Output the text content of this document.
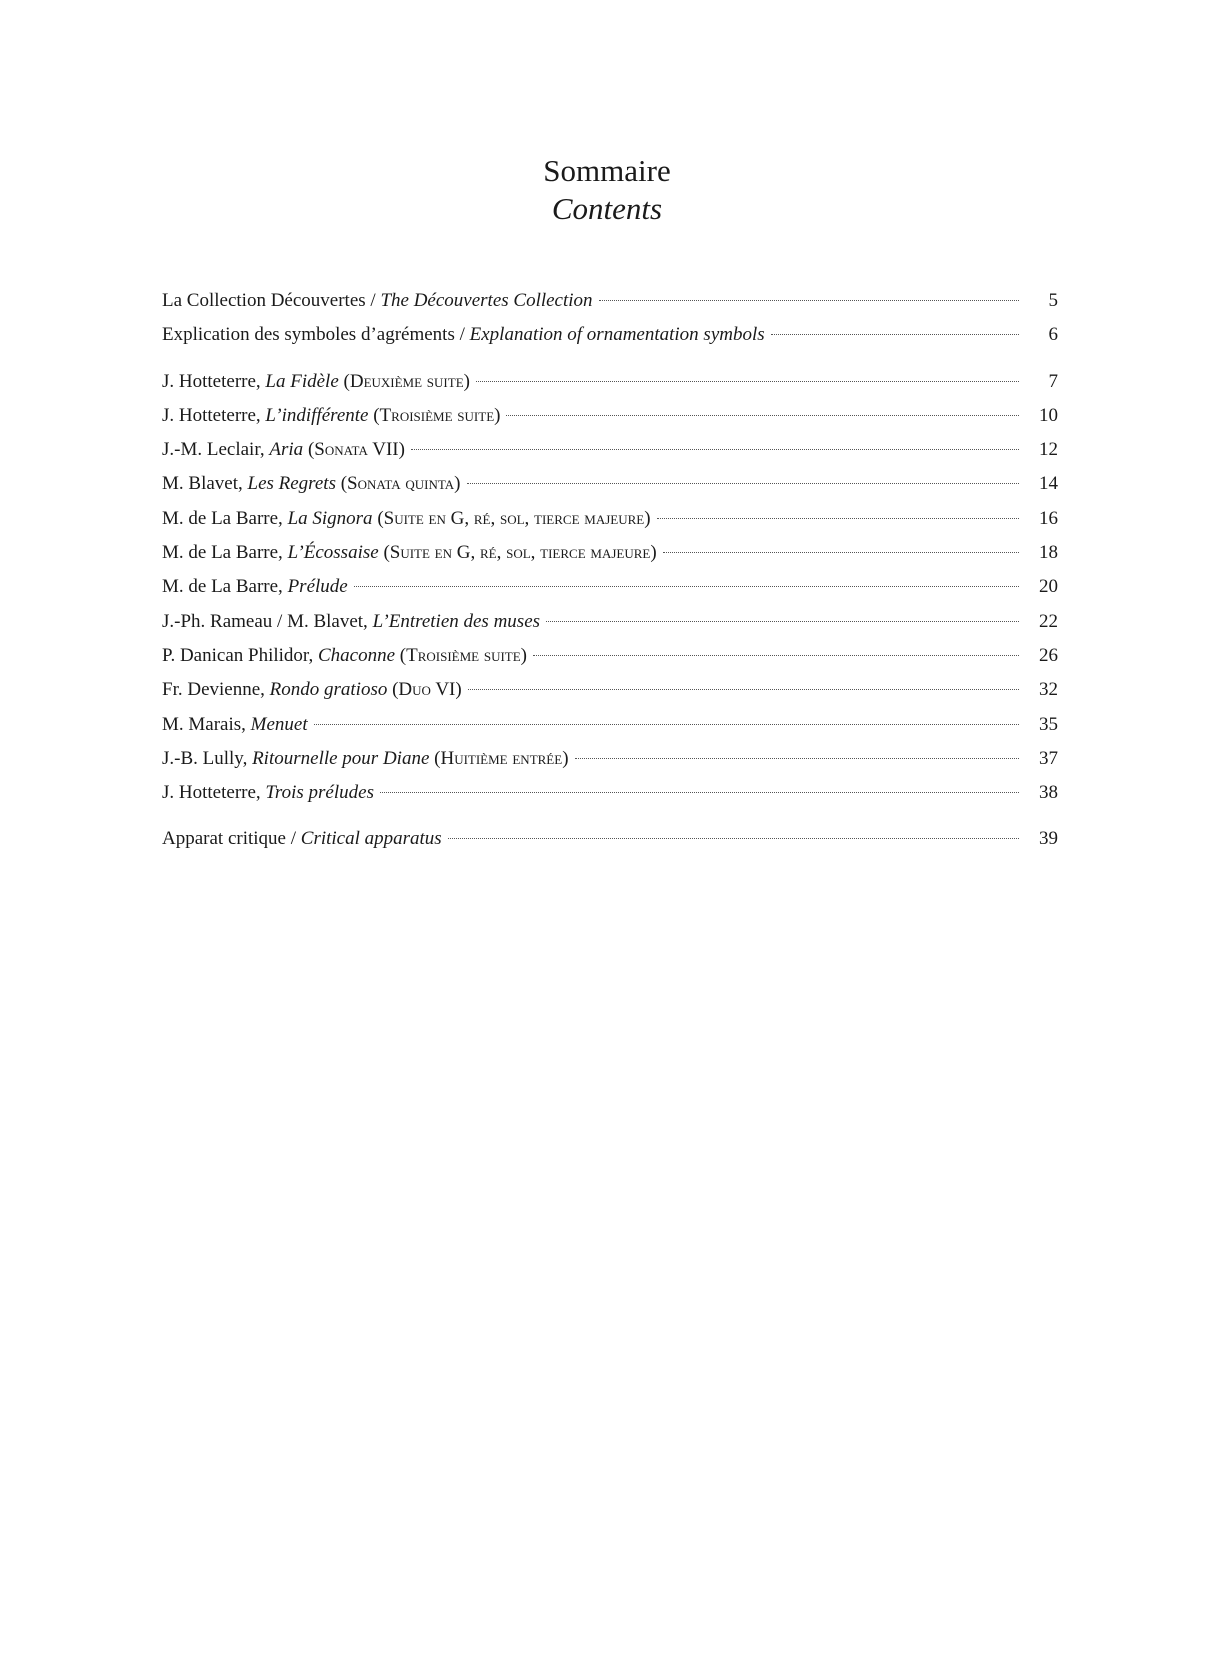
Sommaire
Contents
La Collection Découvertes / The Découvertes Collection	5
Explication des symboles d’agréments / Explanation of ornamentation symbols	6
J. Hotteterre, La Fidèle (Deuxième suite)	7
J. Hotteterre, L’indifférente (Troisième suite)	10
J.-M. Leclair, Aria (Sonata VII)	12
M. Blavet, Les Regrets (Sonata quinta)	14
M. de La Barre, La Signora (Suite en G, ré, sol, tierce majeure)	16
M. de La Barre, L’Écossaise (Suite en G, ré, sol, tierce majeure)	18
M. de La Barre, Prélude	20
J.-Ph. Rameau / M. Blavet, L’Entretien des muses	22
P. Danican Philidor, Chaconne (Troisième suite)	26
Fr. Devienne, Rondo gratioso (Duo VI)	32
M. Marais, Menuet	35
J.-B. Lully, Ritournelle pour Diane (Huitième entrée)	37
J. Hotteterre, Trois préludes	38
Apparat critique / Critical apparatus	39
